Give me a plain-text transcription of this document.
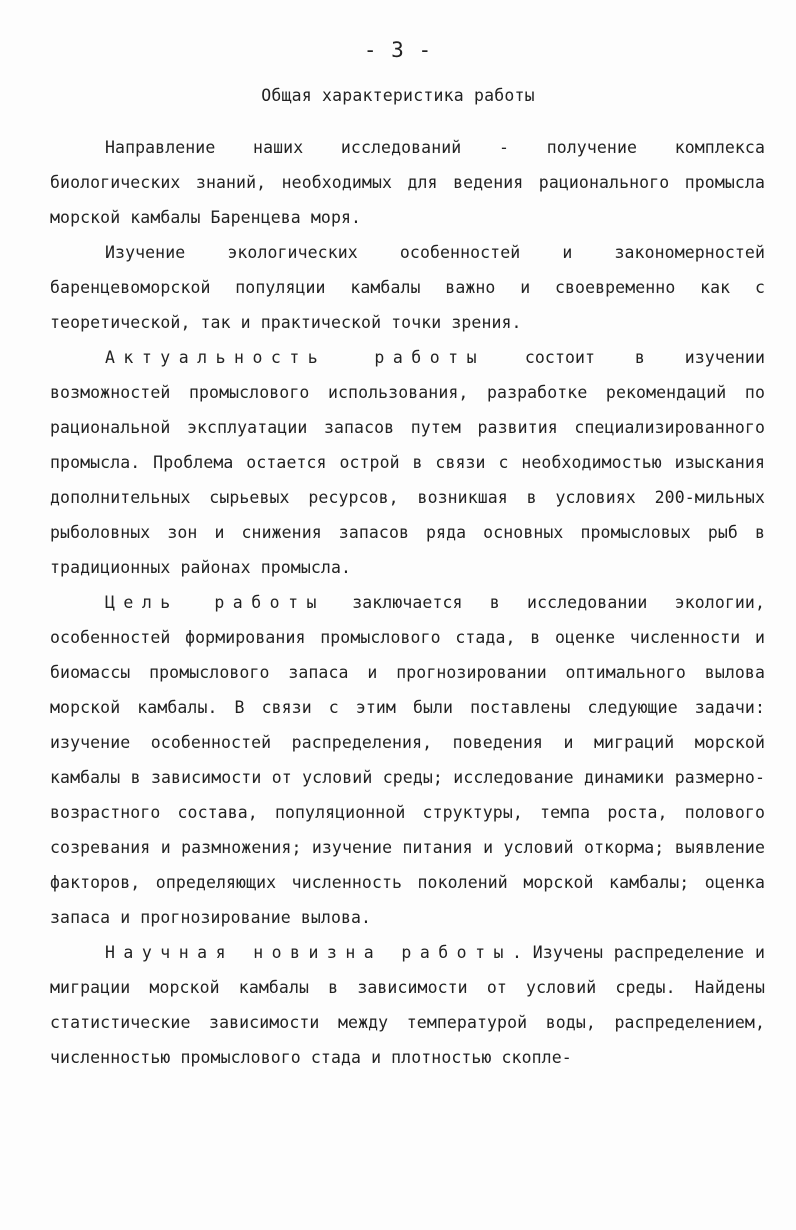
- 3 -
Общая характеристика работы

Направление наших исследований - получение комплекса биологических знаний, необходимых для ведения рационального промысла морской камбалы Баренцева моря.

Изучение экологических особенностей и закономерностей баренцевоморской популяции камбалы важно и своевременно как с теоретической, так и практической точки зрения.

Актуальность работы состоит в изучении возможностей промыслового использования, разработке рекомендаций по рациональной эксплуатации запасов путем развития специализированного промысла. Проблема остается острой в связи с необходимостью изыскания дополнительных сырьевых ресурсов, возникшая в условиях 200-мильных рыболовных зон и снижения запасов ряда основных промысловых рыб в традиционных районах промысла.

Цель работы заключается в исследовании экологии, особенностей формирования промыслового стада, в оценке численности и биомассы промыслового запаса и прогнозировании оптимального вылова морской камбалы. В связи с этим были поставлены следующие задачи: изучение особенностей распределения, поведения и миграций морской камбалы в зависимости от условий среды; исследование динамики размерно-возрастного состава, популяционной структуры, темпа роста, полового созревания и размножения; изучение питания и условий откорма; выявление факторов, определяющих численность поколений морской камбалы; оценка запаса и прогнозирование вылова.

Научная новизна работы. Изучены распределение и миграции морской камбалы в зависимости от условий среды. Найдены статистические зависимости между температурой воды, распределением, численностью промыслового стада и плотностью скопле-
